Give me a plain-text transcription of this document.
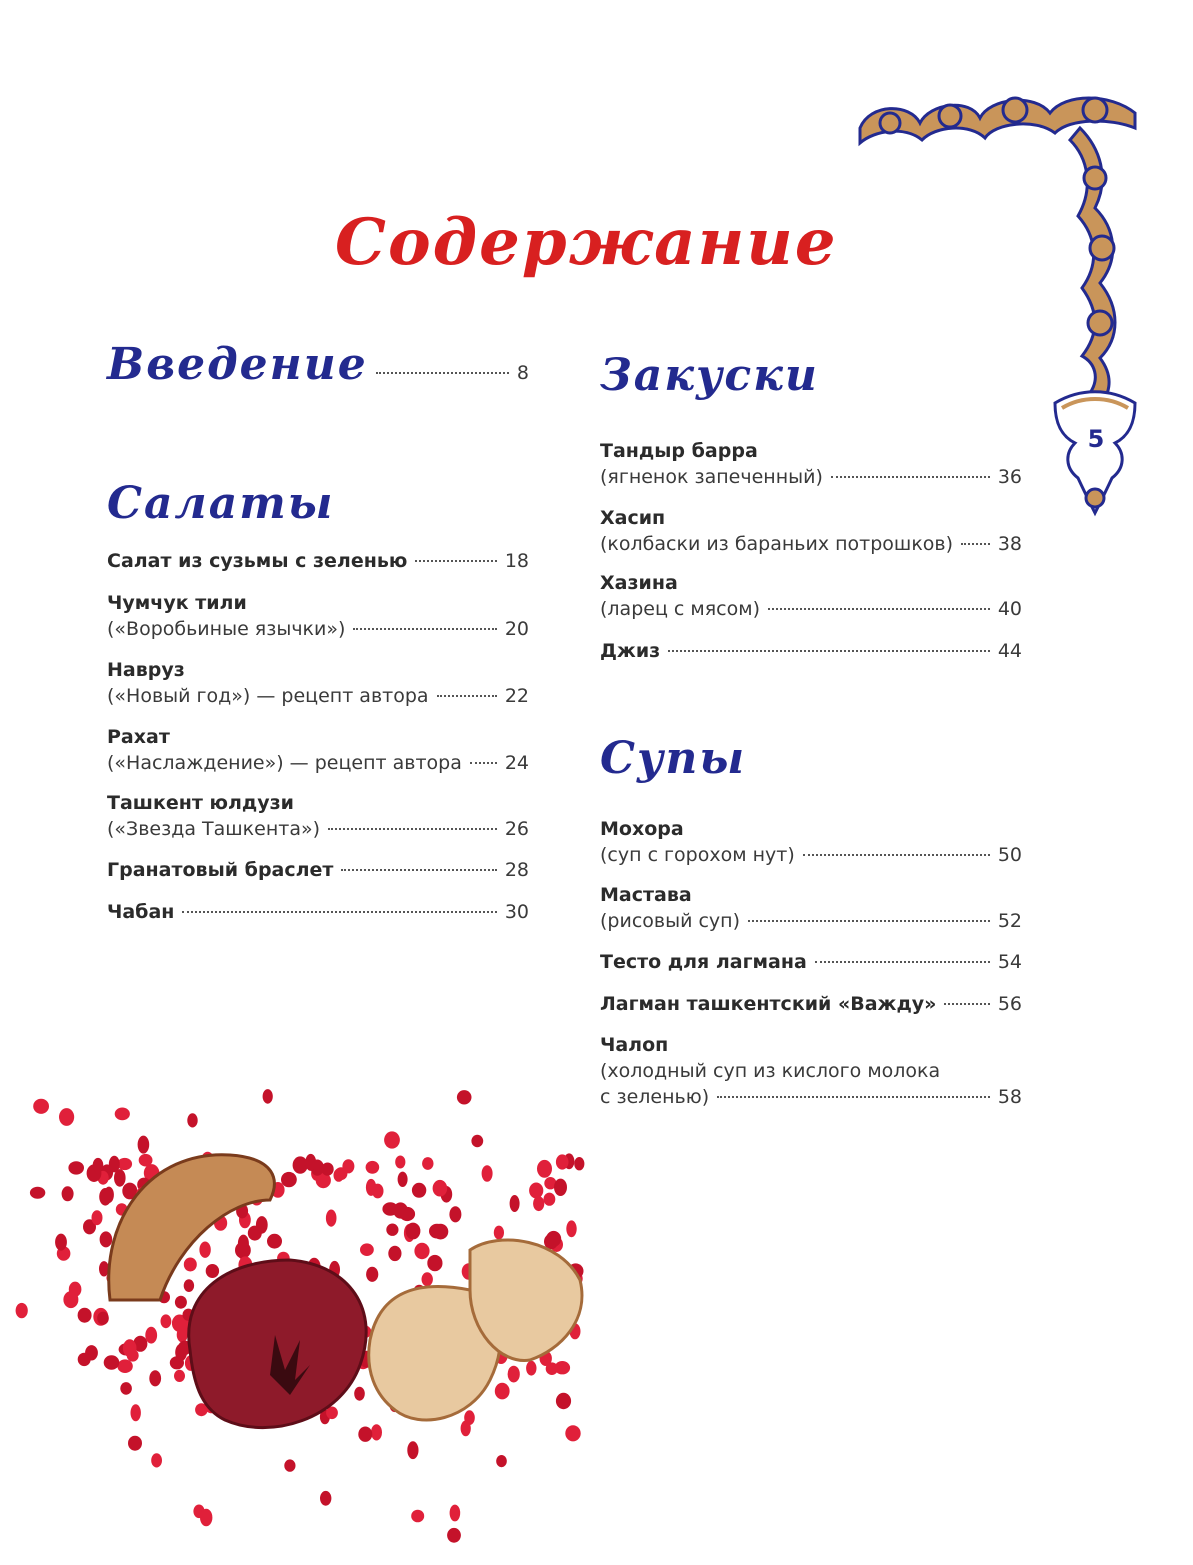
5
Содержание
Введение	8
Салаты
Салат из сузьмы с зеленью	18
Чумчук тили
(«Воробьиные язычки»)	20
Навруз
(«Новый год») — рецепт автора	22
Рахат
(«Наслаждение») — рецепт автора 24
Ташкент юлдузи
(«Звезда Ташкента»)	26
Гранатовый браслет	28
Чабан	30
Закуски
Тандыр барра
(ягненок запеченный)	36
Хасип
(колбаски из бараньих потрошков) 38
Хазина
(ларец с мясом)	40
Джиз	44
Супы
Мохора
(суп с горохом нут)	50
Мастава
(рисовый суп)	52
Тесто для лагмана	54
Лагман ташкентский «Важду»	56
Чалоп
(холодный суп из кислого молока
с зеленью)	58
